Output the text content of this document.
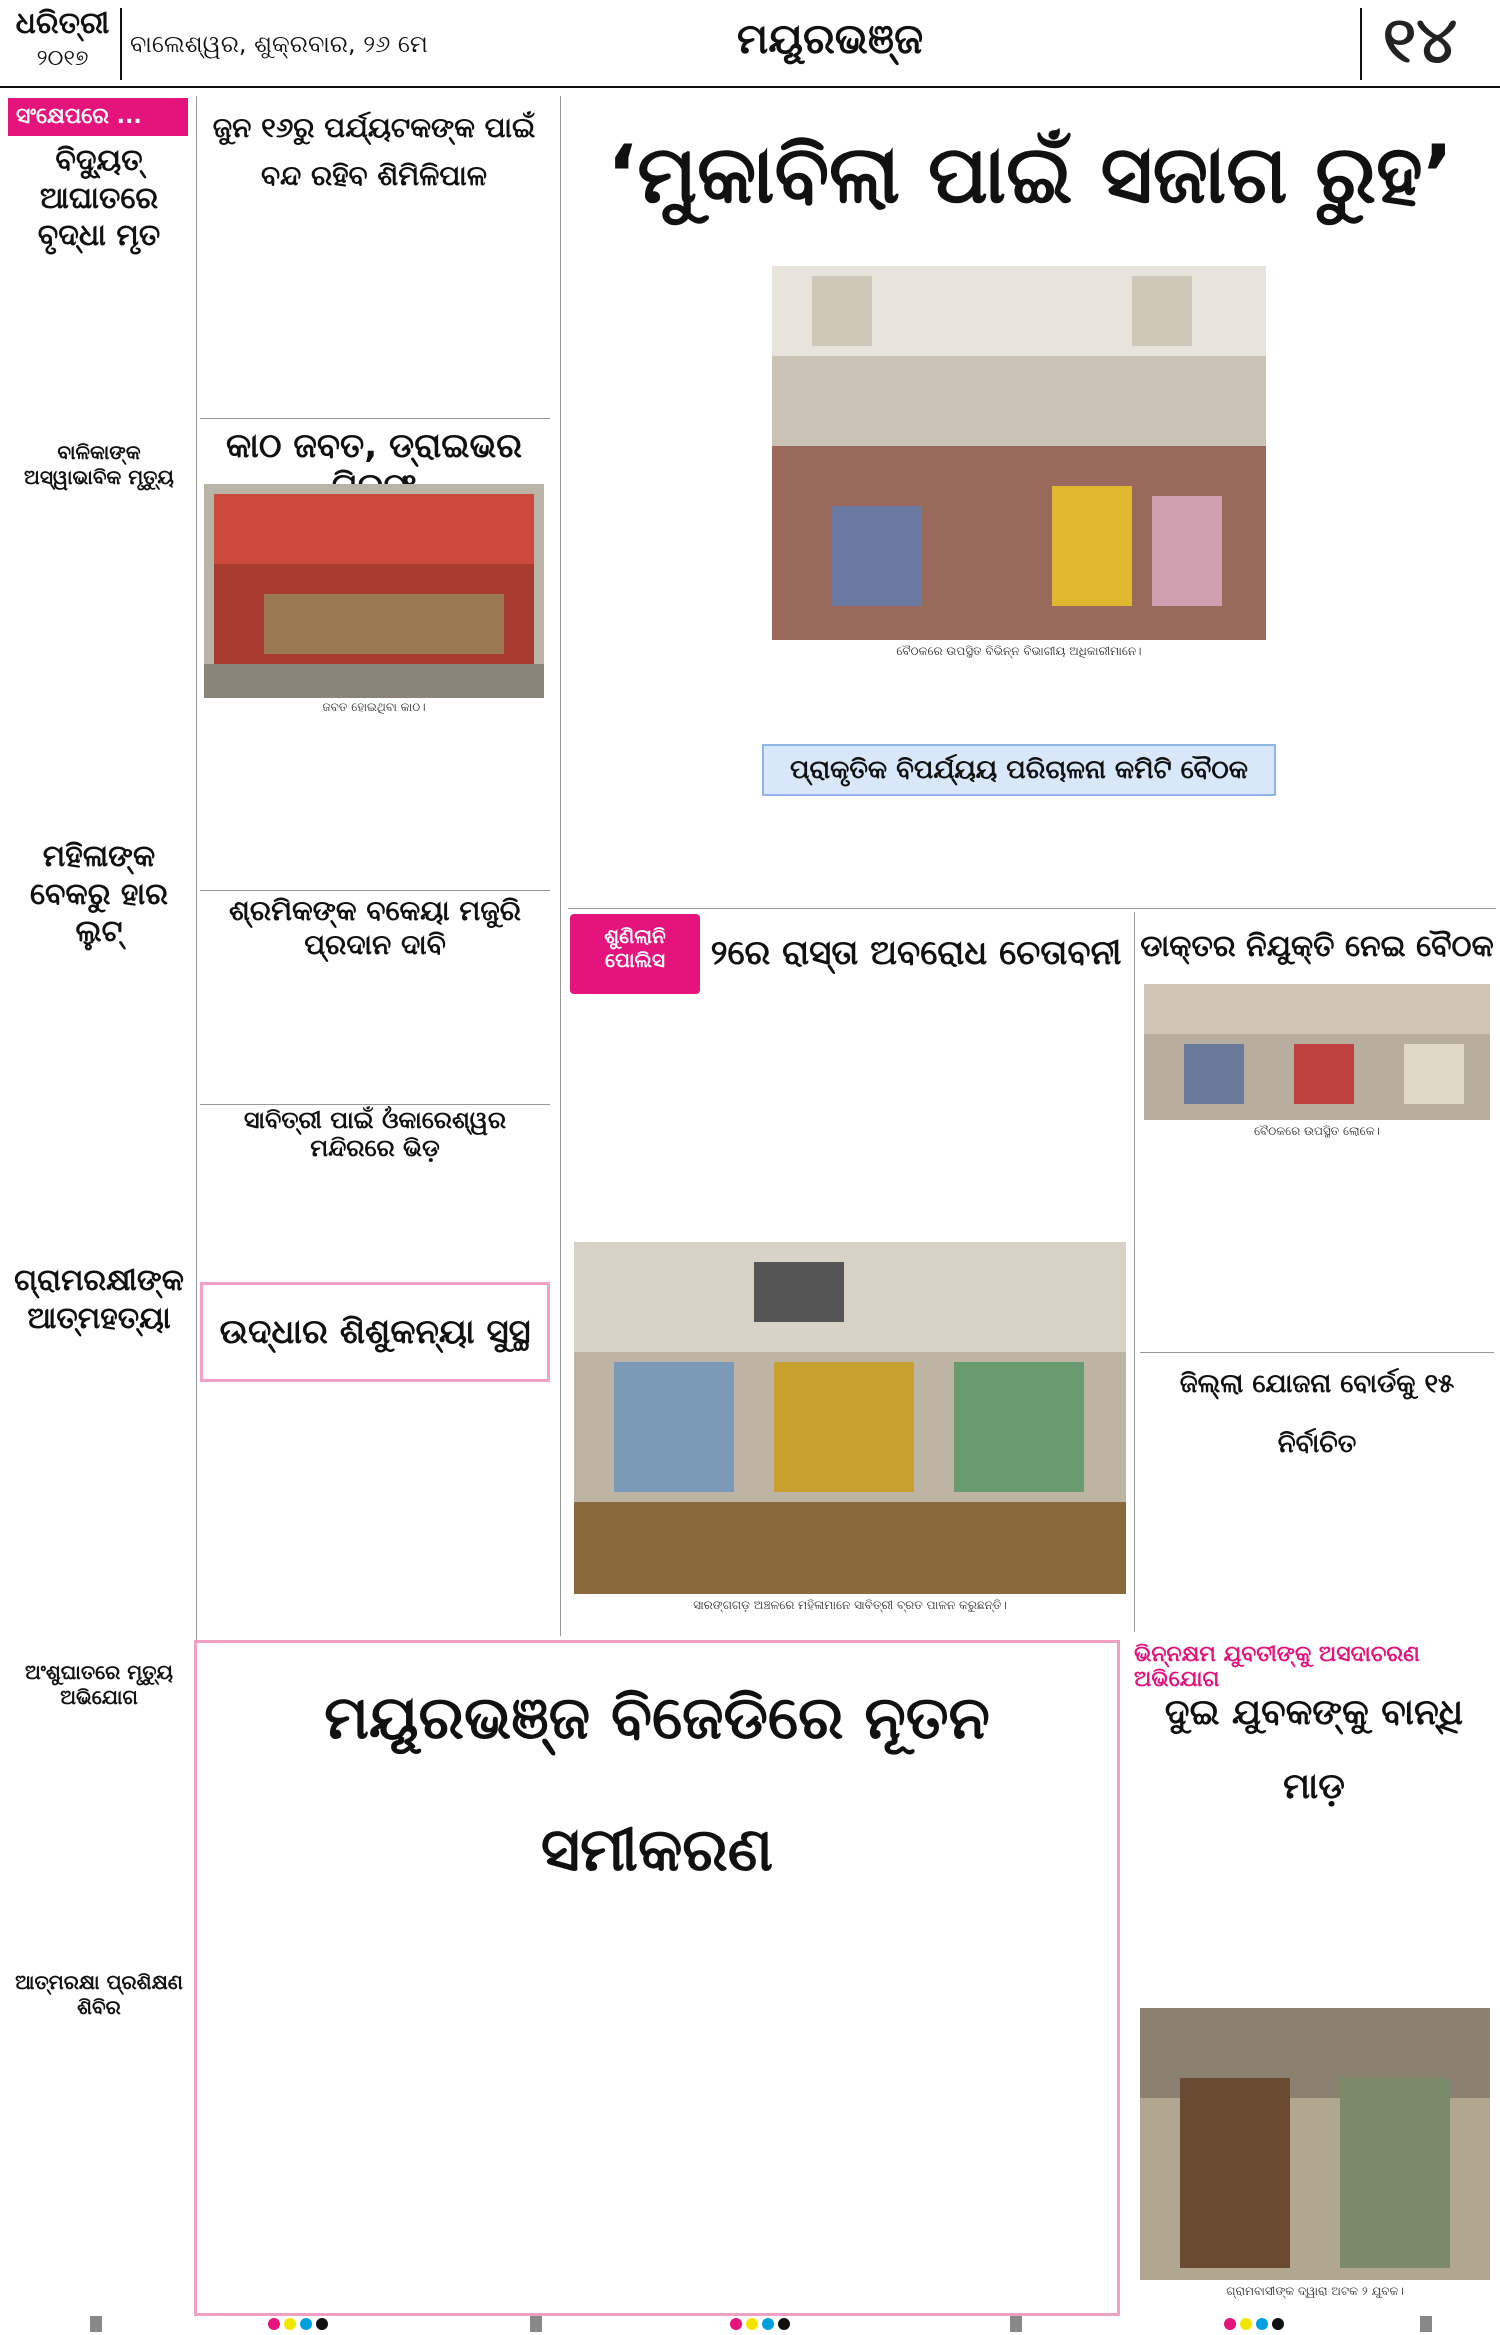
ଧରିତ୍ରୀ
୨୦୧୭
ବାଲେଶ୍ୱର, ଶୁକ୍ରବାର, ୨୬ ମେ	ମୟୂରଭଞ୍ଜ	୧୪
ସଂକ୍ଷେପରେ ...
ବିଦ୍ୟୁତ୍ ଆଘାତରେ ବୃଦ୍ଧା ମୃତ
ବାଳିକାଙ୍କ ଅସ୍ୱାଭାବିକ ମୃତ୍ୟୁ
ମହିଳାଙ୍କ ବେକରୁ ହାର ଲୁଟ୍
ଗ୍ରାମରକ୍ଷୀଙ୍କ ଆତ୍ମହତ୍ୟା
ଅଂଶୁଘାତରେ ମୃତ୍ୟୁ ଅଭିଯୋଗ
ଆତ୍ମରକ୍ଷା ପ୍ରଶିକ୍ଷଣ ଶିବିର
ଜୁନ ୧୬ରୁ ପର୍ଯ୍ୟଟକଙ୍କ ପାଇଁ ବନ୍ଦ ରହିବ ଶିମିଳିପାଳ
କାଠ ଜବତ, ଡ୍ରାଇଭର
ଜବତ ହୋଇଥିବା କାଠ।
ଶ୍ରମିକଙ୍କ ବକେୟା ମଜୁରି ପ୍ରଦାନ ଦାବି
ସାବିତ୍ରୀ ପାଇଁ ଓଁକାରେଶ୍ୱର ମନ୍ଦିରରେ ଭିଡ଼
ଉଦ୍ଧାର ଶିଶୁକନ୍ୟା ସୁସ୍ଥ
‘ମୁକାବିଲା ପାଇଁ ସଜାଗ ରୁହ’
ବୈଠକରେ ଉପସ୍ଥିତ ବିଭିନ୍ନ ବିଭାଗୀୟ ଅଧିକାରୀମାନେ।
ପ୍ରାକୃତିକ ବିପର୍ଯ୍ୟୟ ପରିଚାଳନା କମିଟି ବୈଠକ
ଶୁଣିଲାନି
ପୋଲିସ	୨ରେ ରାସ୍ତା ଅବରୋଧ ଚେତାବନୀ
ସାରଙ୍ଗଗଡ଼ ଅଞ୍ଚଳରେ ମହିଳାମାନେ ସାବିତ୍ରୀ ବ୍ରତ ପାଳନ କରୁଛନ୍ତି।
ଡାକ୍ତର ନିଯୁକ୍ତି ନେଇ ବୈଠକ
ବୈଠକରେ ଉପସ୍ଥିତ ଲୋକେ।
ଜିଲ୍ଲା ଯୋଜନା ବୋର୍ଡକୁ ୧୫ ନିର୍ବାଚିତ
ମୟୂରଭଞ୍ଜ ବିଜେଡିରେ ନୂତନ ସମୀକରଣ
ଭିନ୍ନକ୍ଷମ ଯୁବତୀଙ୍କୁ ଅସଦାଚରଣ ଅଭିଯୋଗ
ଦୁଇ ଯୁବକଙ୍କୁ ବାନ୍ଧି ମାଡ଼
ଗ୍ରାମବାସୀଙ୍କ ଦ୍ୱାରା ଅଟକ ୨ ଯୁବକ।
